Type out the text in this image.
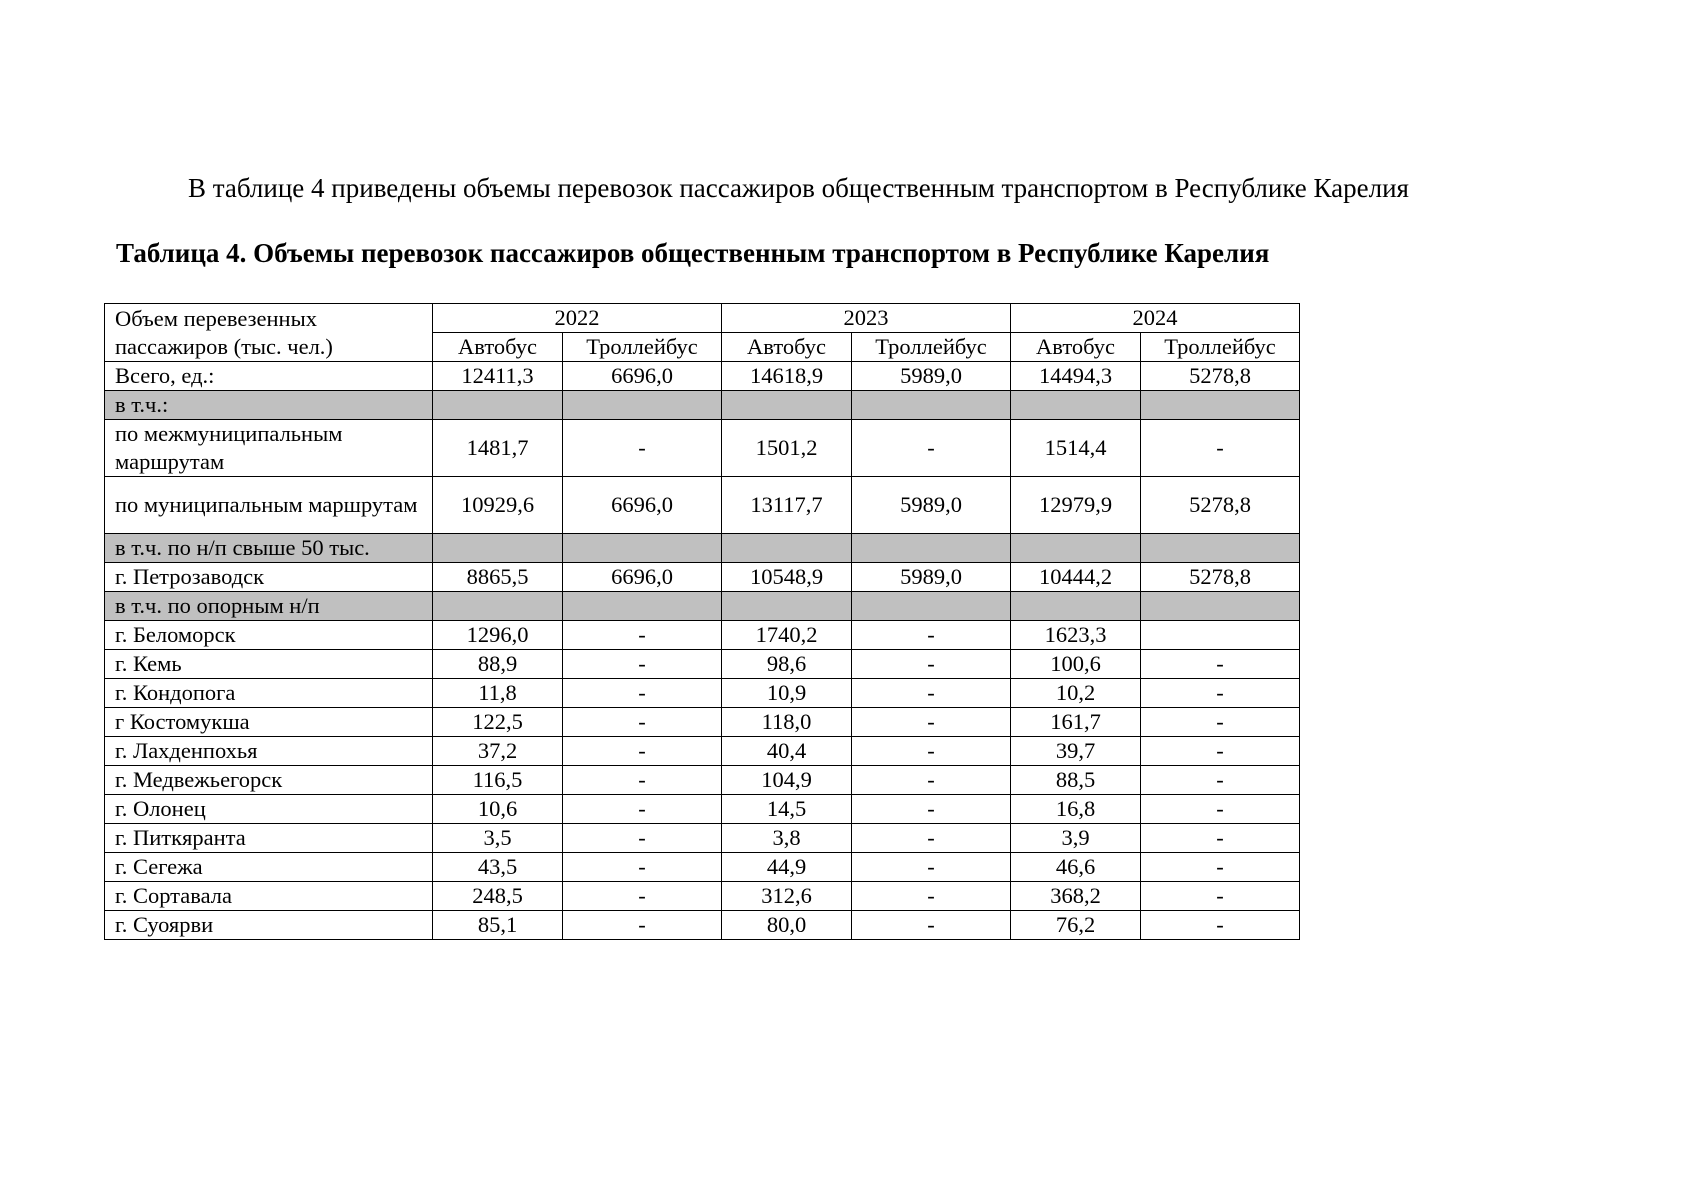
В таблице 4 приведены объемы перевозок пассажиров общественным транспортом в Республике Карелия
Таблица 4. Объемы перевозок пассажиров общественным транспортом в Республике Карелия
Объем перевезенных пассажиров (тыс. чел.)	2022		2023		2024	
	Автобус	Троллейбус	Автобус	Троллейбус	Автобус	Троллейбус
Всего, ед.:	12411,3	6696,0	14618,9	5989,0	14494,3	5278,8
в т.ч.:						
по межмуниципальным маршрутам	1481,7	-	1501,2	-	1514,4	-
по муниципальным маршрутам	10929,6	6696,0	13117,7	5989,0	12979,9	5278,8
в т.ч. по н/п свыше 50 тыс.						
г. Петрозаводск	8865,5	6696,0	10548,9	5989,0	10444,2	5278,8
в т.ч. по опорным н/п						
г. Беломорск	1296,0	-	1740,2	-	1623,3	
г. Кемь	88,9	-	98,6	-	100,6	-
г. Кондопога	11,8	-	10,9	-	10,2	-
г Костомукша	122,5	-	118,0	-	161,7	-
г. Лахденпохья	37,2	-	40,4	-	39,7	-
г. Медвежьегорск	116,5	-	104,9	-	88,5	-
г. Олонец	10,6	-	14,5	-	16,8	-
г. Питкяранта	3,5	-	3,8	-	3,9	-
г. Сегежа	43,5	-	44,9	-	46,6	-
г. Сортавала	248,5	-	312,6	-	368,2	-
г. Суоярви	85,1	-	80,0	-	76,2	-
